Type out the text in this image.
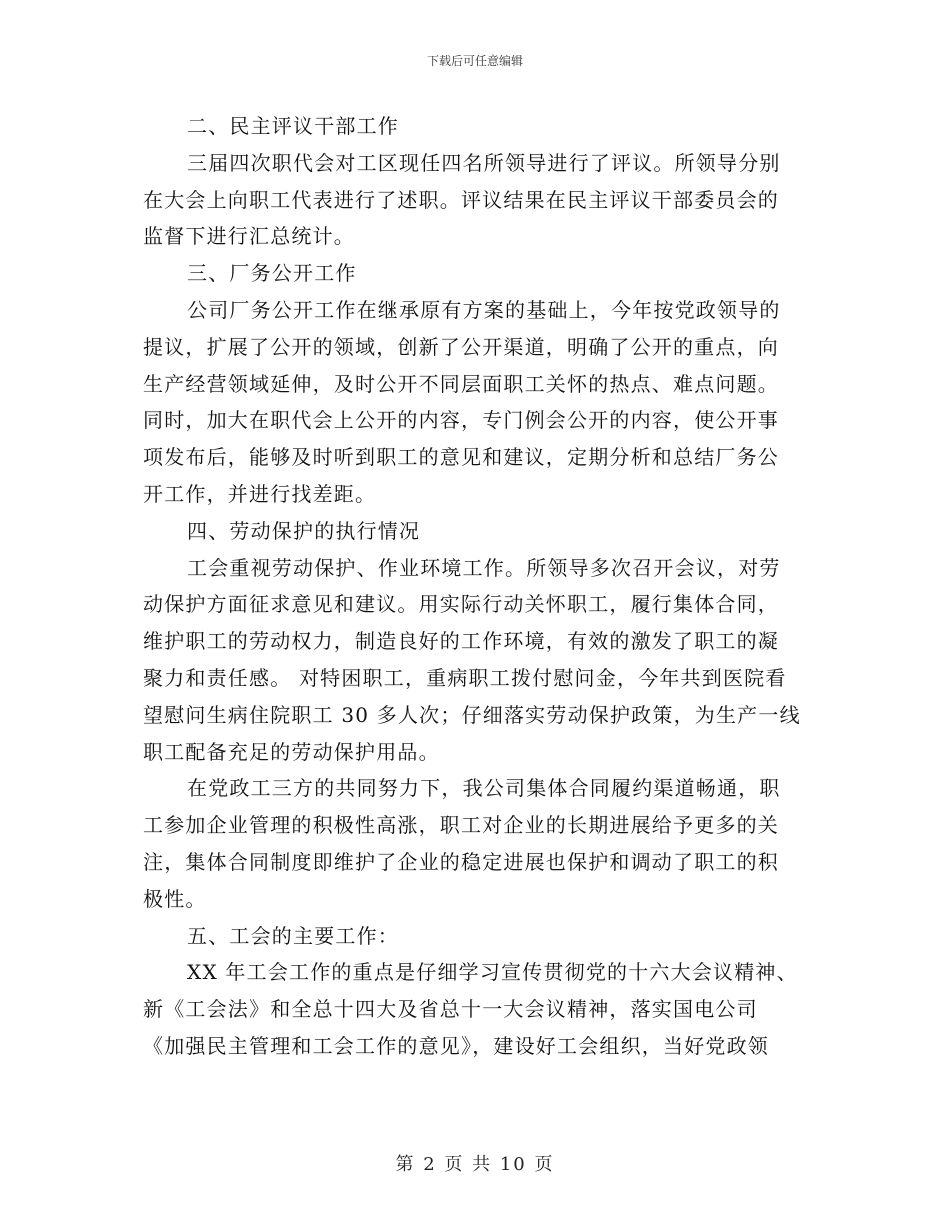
下载后可任意编辑
二、民主评议干部工作
三届四次职代会对工区现任四名所领导进行了评议。所领导分别
在大会上向职工代表进行了述职。评议结果在民主评议干部委员会的
监督下进行汇总统计。
三、厂务公开工作
公司厂务公开工作在继承原有方案的基础上，今年按党政领导的
提议，扩展了公开的领域，创新了公开渠道，明确了公开的重点，向
生产经营领域延伸，及时公开不同层面职工关怀的热点、难点问题。
同时，加大在职代会上公开的内容，专门例会公开的内容，使公开事
项发布后，能够及时听到职工的意见和建议，定期分析和总结厂务公
开工作，并进行找差距。
四、劳动保护的执行情况
工会重视劳动保护、作业环境工作。所领导多次召开会议，对劳
动保护方面征求意见和建议。用实际行动关怀职工，履行集体合同，
维护职工的劳动权力，制造良好的工作环境，有效的激发了职工的凝
聚力和责任感。 对特困职工，重病职工拨付慰问金，今年共到医院看
望慰问生病住院职工 30 多人次；仔细落实劳动保护政策，为生产一线
职工配备充足的劳动保护用品。
在党政工三方的共同努力下，我公司集体合同履约渠道畅通，职
工参加企业管理的积极性高涨，职工对企业的长期进展给予更多的关
注，集体合同制度即维护了企业的稳定进展也保护和调动了职工的积
极性。
五、工会的主要工作：
XX 年工会工作的重点是仔细学习宣传贯彻党的十六大会议精神、
新《工会法》和全总十四大及省总十一大会议精神，落实国电公司
《加强民主管理和工会工作的意见》，建设好工会组织，当好党政领
第 2 页 共 10 页
